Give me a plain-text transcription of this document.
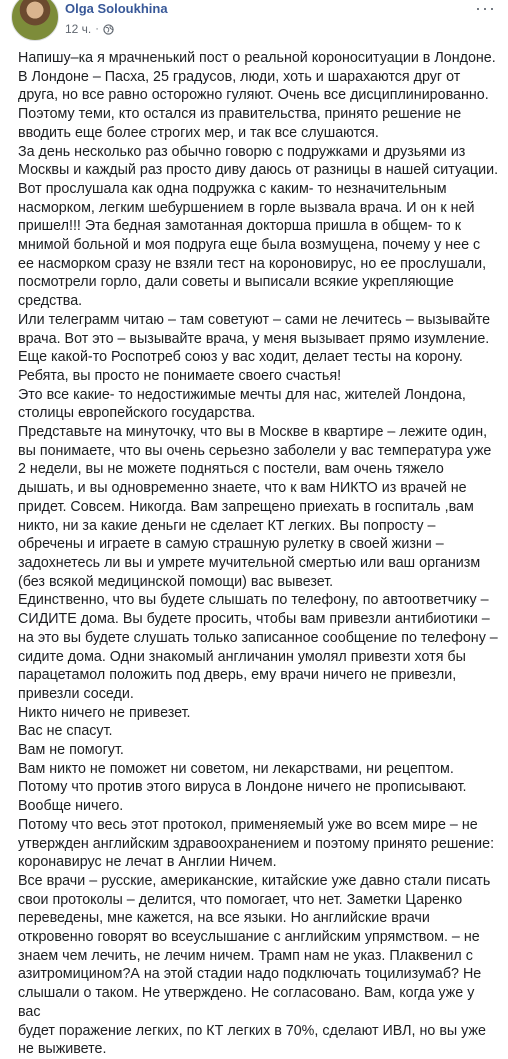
Olga Soloukhina
12 ч. ·
···

Напишу–ка я мрачненький пост о реальной короноситуации в Лондоне. В Лондоне – Пасха, 25 градусов, люди, хоть и шарахаются друг от друга, но все равно осторожно гуляют. Очень все дисциплинированно. Поэтому теми, кто остался из правительства, принято решение не вводить еще более строгих мер, и так все слушаются.

За день несколько раз обычно говорю с подружками и друзьями из Москвы и каждый раз просто диву даюсь от разницы в нашей ситуации. Вот прослушала как одна подружка с каким- то незначительным насморком, легким шебуршением в горле вызвала врача. И он к ней пришел!!! Эта бедная замотанная докторша пришла в общем- то к мнимой больной и моя подруга еще была возмущена, почему у нее с ее насморком сразу не взяли тест на короновирус, но ее прослушали, посмотрели горло, дали советы и выписали всякие укрепляющие средства.

Или телеграмм читаю – там советуют – сами не лечитесь – вызывайте врача. Вот это – вызывайте врача, у меня вызывает прямо изумление. Еще какой-то Роспотреб союз у вас ходит, делает тесты на корону. Ребята, вы просто не понимаете своего счастья!

Это все какие- то недостижимые мечты для нас, жителей Лондона, столицы европейского государства.

Представьте на минуточку, что вы в Москве в квартире – лежите один, вы понимаете, что вы очень серьезно заболели у вас температура уже 2 недели, вы не можете подняться с постели, вам очень тяжело дышать, и вы одновременно знаете, что к вам НИКТО из врачей не придет. Совсем. Никогда. Вам запрещено приехать в госпиталь ,вам никто, ни за какие деньги не сделает КТ легких. Вы попросту – обречены и играете в самую страшную рулетку в своей жизни – задохнетесь ли вы и умрете мучительной смертью или ваш организм (без всякой медицинской помощи) вас вывезет.

Единственно, что вы будете слышать по телефону, по автоответчику – СИДИТЕ дома. Вы будете просить, чтобы вам привезли антибиотики – на это вы будете слушать только записанное сообщение по телефону – сидите дома. Одни знакомый англичанин умолял привезти хотя бы парацетамол положить под дверь, ему врачи ничего не привезли, привезли соседи.

Никто ничего не привезет.

Вас не спасут.

Вам не помогут.

Вам никто не поможет ни советом, ни лекарствами, ни рецептом.

Потому что против этого вируса в Лондоне ничего не прописывают. Вообще ничего.

Потому что весь этот протокол, применяемый уже во всем мире – не утвержден английским здравоохранением и поэтому принято решение: коронавирус не лечат в Англии Ничем.

Все врачи – русские, американские, китайские уже давно стали писать свои протоколы – делится, что помогает, что нет. Заметки Царенко переведены, мне кажется, на все языки. Но английские врачи откровенно говорят во всеуслышание с английским упрямством. – не знаем чем лечить, не лечим ничем. Трамп нам не указ. Плаквенил с азитромицином?А на этой стадии надо подключать тоцилизумаб? Не слышали о таком. Не утверждено. Не согласовано. Вам, когда уже у вас

будет поражение легких, по КТ легких в 70%, сделают ИВЛ, но вы уже не выживете.
